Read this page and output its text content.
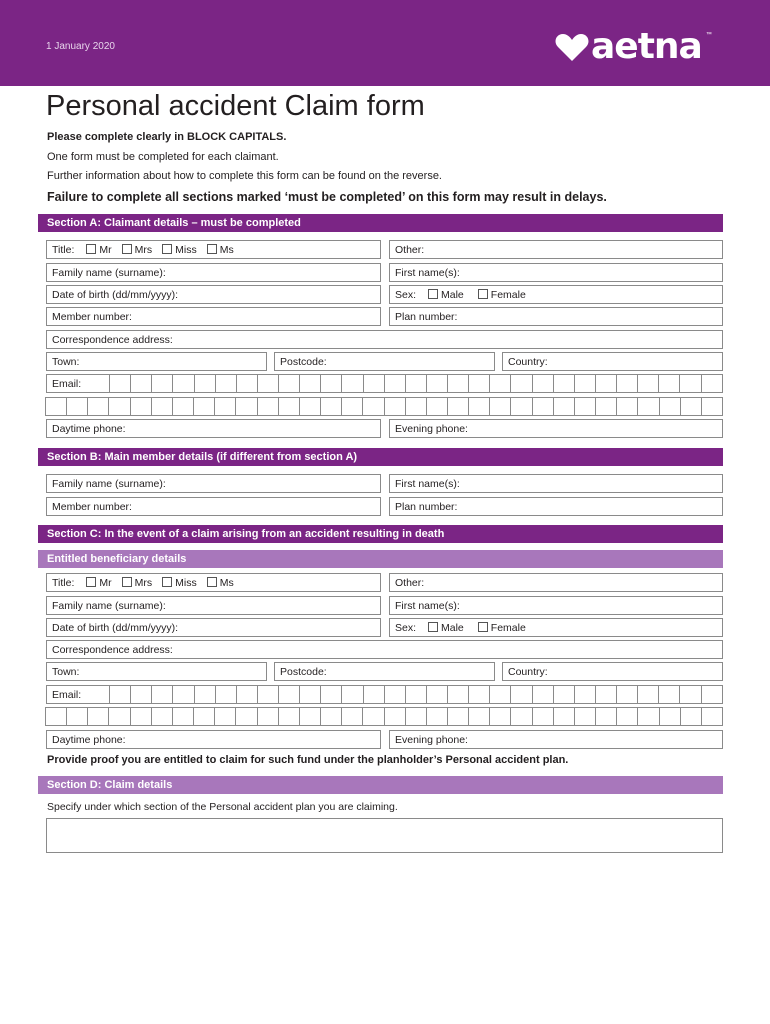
1 January 2020	aetna ™
Personal accident Claim form
Please complete clearly in BLOCK CAPITALS.
One form must be completed for each claimant.
Further information about how to complete this form can be found on the reverse.
Failure to complete all sections marked ‘must be completed’ on this form may result in delays.
Section A: Claimant details – must be completed
Title: Mr Mrs Miss Ms	Other:
Family name (surname):	First name(s):
Date of birth (dd/mm/yyyy):	Sex: Male	Female
Member number:	Plan number:
Correspondence address:
Town:	Postcode:	Country:
Email:
Daytime phone:	Evening phone:
Section B: Main member details (if different from section A)
Family name (surname):	First name(s):
Member number:	Plan number:
Section C: In the event of a claim arising from an accident resulting in death
Entitled beneficiary details
Title: Mr Mrs Miss Ms	Other:
Family name (surname):	First name(s):
Date of birth (dd/mm/yyyy):	Sex: Male	Female
Correspondence address:
Town:	Postcode:	Country:
Email:
Daytime phone:	Evening phone:
Provide proof you are entitled to claim for such fund under the planholder’s Personal accident plan.
Section D: Claim details
Specify under which section of the Personal accident plan you are claiming.
